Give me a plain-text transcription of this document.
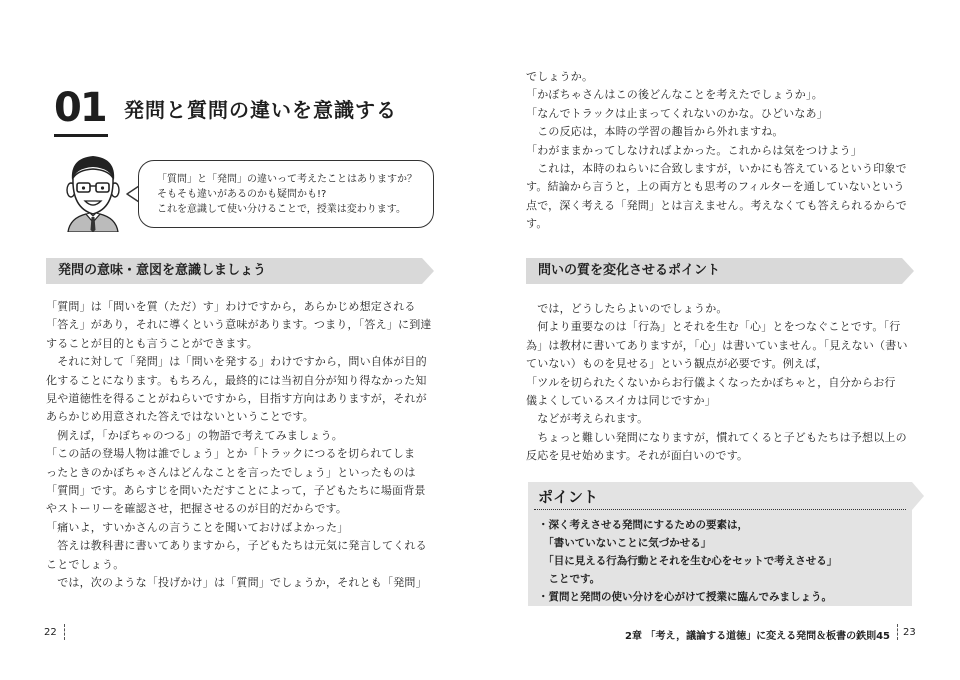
01 発問と質問の違いを意識する

「質問」と「発問」の違いって考えたことはありますか？

そもそも違いがあるのかも疑問かも!?

これを意識して使い分けることで，授業は変わります。

発問の意味・意図を意識しましょう

「質問」は「問いを質（ただ）す」わけですから，あらかじめ想定される

「答え」があり，それに導くという意味があります。つまり，「答え」に到達

することが目的とも言うことができます。

　それに対して「発問」は「問いを発する」わけですから，問い自体が目的

化することになります。もちろん，最終的には当初自分が知り得なかった知

見や道徳性を得ることがねらいですから，目指す方向はありますが，それが

あらかじめ用意された答えではないということです。

　例えば，「かぼちゃのつる」の物語で考えてみましょう。

「この話の登場人物は誰でしょう」とか「トラックにつるを切られてしま

ったときのかぼちゃさんはどんなことを言ったでしょう」といったものは

「質問」です。あらすじを問いただすことによって，子どもたちに場面背景

やストーリーを確認させ，把握させるのが目的だからです。

「痛いよ，すいかさんの言うことを聞いておけばよかった」

　答えは教科書に書いてありますから，子どもたちは元気に発言してくれる

ことでしょう。

　では，次のような「投げかけ」は「質問」でしょうか，それとも「発問」

22

でしょうか。

「かぼちゃさんはこの後どんなことを考えたでしょうか」。

「なんでトラックは止まってくれないのかな。ひどいなあ」

　この反応は，本時の学習の趣旨から外れますね。

「わがままかってしなければよかった。これからは気をつけよう」

　これは，本時のねらいに合致しますが，いかにも答えているという印象で

す。結論から言うと，上の両方とも思考のフィルターを通していないという

点で，深く考える「発問」とは言えません。考えなくても答えられるからで

す。

問いの質を変化させるポイント

　では，どうしたらよいのでしょうか。

　何より重要なのは「行為」とそれを生む「心」とをつなぐことです。「行

為」は教材に書いてありますが，「心」は書いていません。「見えない（書い

ていない）ものを見せる」という観点が必要です。例えば，

「ツルを切られたくないからお行儀よくなったかぼちゃと，自分からお行

儀よくしているスイカは同じですか」

　などが考えられます。

　ちょっと難しい発問になりますが，慣れてくると子どもたちは予想以上の

反応を見せ始めます。それが面白いのです。

ポイント

・深く考えさせる発問にするための要素は，

　「書いていないことに気づかせる」

　「目に見える行為行動とそれを生む心をセットで考えさせる」

　ことです。

・質問と発問の使い分けを心がけて授業に臨んでみましょう。

2章 「考え，議論する道徳」に変える発問＆板書の鉄則45 23
